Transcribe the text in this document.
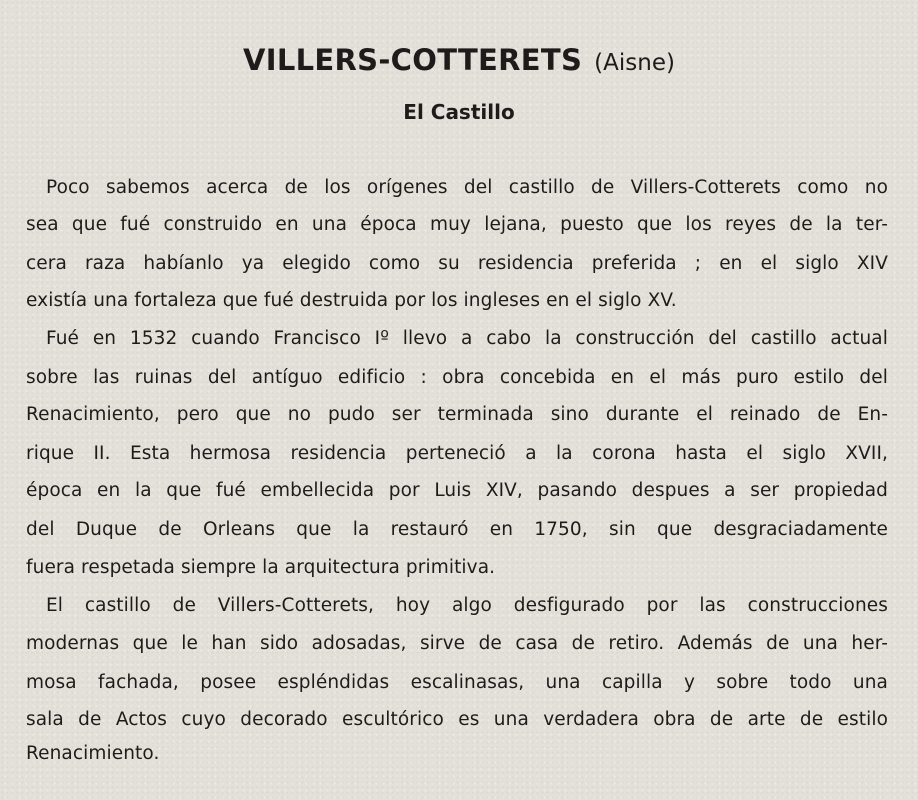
VILLERS-COTTERETS (Aisne)
El Castillo

Poco sabemos acerca de los orígenes del castillo de Villers-Cotterets como no

sea que fué construido en una época muy lejana, puesto que los reyes de la ter-

cera raza habíanlo ya elegido como su residencia preferida ; en el siglo XIV

existía una fortaleza que fué destruida por los ingleses en el siglo XV.

Fué en 1532 cuando Francisco Iº llevo a cabo la construcción del castillo actual

sobre las ruinas del antíguo edificio : obra concebida en el más puro estilo del

Renacimiento, pero que no pudo ser terminada sino durante el reinado de En-

rique II. Esta hermosa residencia perteneció a la corona hasta el siglo XVII,

época en la que fué embellecida por Luis XIV, pasando despues a ser propiedad

del Duque de Orleans que la restauró en 1750, sin que desgraciadamente

fuera respetada siempre la arquitectura primitiva.

El castillo de Villers-Cotterets, hoy algo desfigurado por las construcciones

modernas que le han sido adosadas, sirve de casa de retiro. Además de una her-

mosa fachada, posee espléndidas escalinasas, una capilla y sobre todo una

sala de Actos cuyo decorado escultórico es una verdadera obra de arte de estilo

Renacimiento.
